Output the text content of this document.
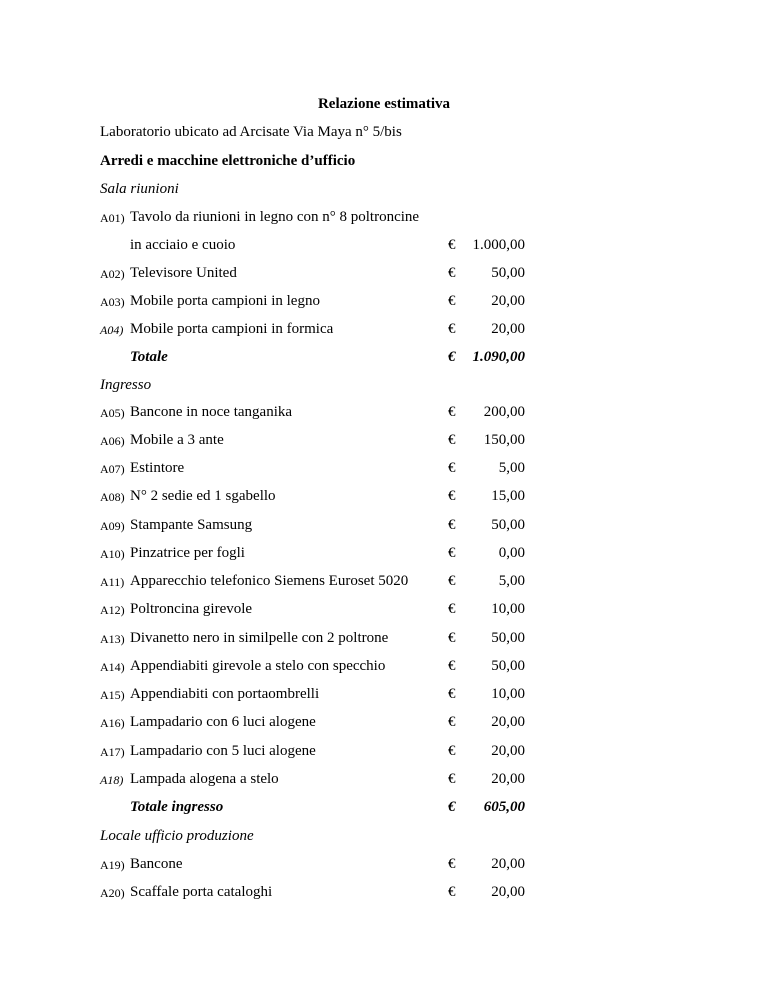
Relazione estimativa
Laboratorio ubicato ad Arcisate Via Maya n° 5/bis
Arredi e macchine elettroniche d’ufficio
Sala riunioni
A01) Tavolo da riunioni in legno con n° 8 poltroncine
in acciaio e cuoio	€ 1.000,00
A02) Televisore United	€	50,00
A03) Mobile porta campioni in legno	€	20,00
A04) Mobile porta campioni in formica	€	20,00
Totale	€ 1.090,00
Ingresso
A05) Bancone in noce tanganika	€	200,00
A06) Mobile a 3 ante	€	150,00
A07) Estintore	€	5,00
A08) N° 2 sedie ed 1 sgabello	€	15,00
A09) Stampante Samsung	€	50,00
A10) Pinzatrice per fogli	€	0,00
A11) Apparecchio telefonico Siemens Euroset 5020	€	5,00
A12) Poltroncina girevole	€	10,00
A13) Divanetto nero in similpelle con 2 poltrone	€	50,00
A14) Appendiabiti girevole a stelo con specchio	€	50,00
A15) Appendiabiti con portaombrelli	€	10,00
A16) Lampadario con 6 luci alogene	€	20,00
A17) Lampadario con 5 luci alogene	€	20,00
A18) Lampada alogena a stelo	€	20,00
Totale ingresso	€	605,00
Locale ufficio produzione
A19) Bancone	€	20,00
A20) Scaffale porta cataloghi	€	20,00
